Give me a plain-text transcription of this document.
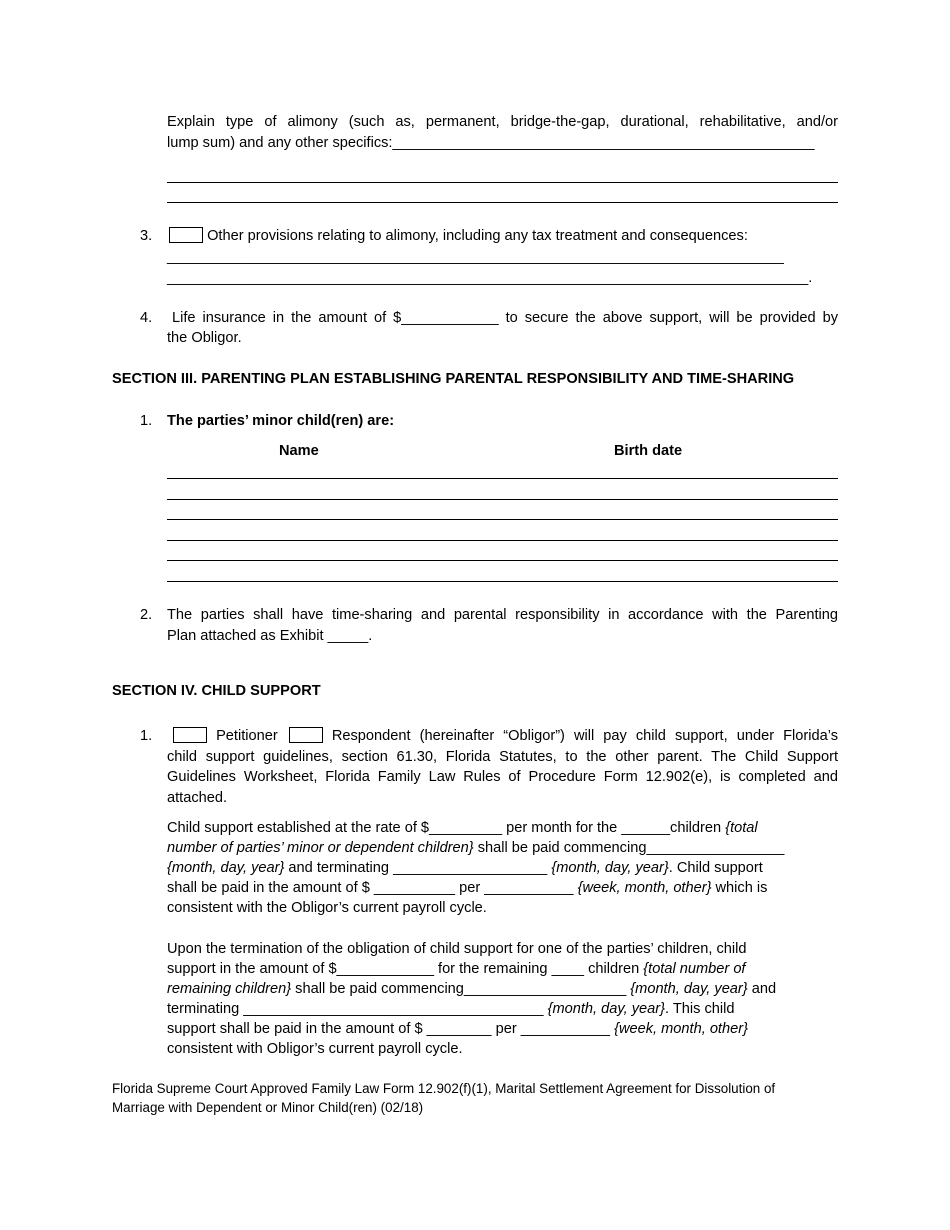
Explain type of alimony (such as, permanent, bridge-the-gap, durational, rehabilitative, and/or
lump sum) and any other specifics:____________________________________________________
3.	Other provisions relating to alimony, including any tax treatment and consequences:
____________________________________________________________________________
_______________________________________________________________________________.
4. Life insurance in the amount of $____________ to secure the above support, will be provided by
the Obligor.
SECTION III. PARENTING PLAN ESTABLISHING PARENTAL RESPONSIBILITY AND TIME-SHARING
1. The parties’ minor child(ren) are:
Name	Birth date
2. The parties shall have time-sharing and parental responsibility in accordance with the Parenting
Plan attached as Exhibit _____.
SECTION IV. CHILD SUPPORT
1.	Petitioner	Respondent (hereinafter “Obligor”) will pay child support, under Florida’s
child support guidelines, section 61.30, Florida Statutes, to the other parent. The Child Support
Guidelines Worksheet, Florida Family Law Rules of Procedure Form 12.902(e), is completed and
attached.
Child support established at the rate of $_________ per month for the ______children {total
number of parties’ minor or dependent children} shall be paid commencing_________________
{month, day, year} and terminating ___________________ {month, day, year}. Child support
shall be paid in the amount of $ __________ per ___________ {week, month, other} which is
consistent with the Obligor’s current payroll cycle.
Upon the termination of the obligation of child support for one of the parties’ children, child
support in the amount of $____________ for the remaining ____ children {total number of
remaining children} shall be paid commencing____________________ {month, day, year} and
terminating _____________________________________ {month, day, year}. This child
support shall be paid in the amount of $ ________ per ___________ {week, month, other}
consistent with Obligor’s current payroll cycle.
Florida Supreme Court Approved Family Law Form 12.902(f)(1), Marital Settlement Agreement for Dissolution of
Marriage with Dependent or Minor Child(ren) (02/18)
